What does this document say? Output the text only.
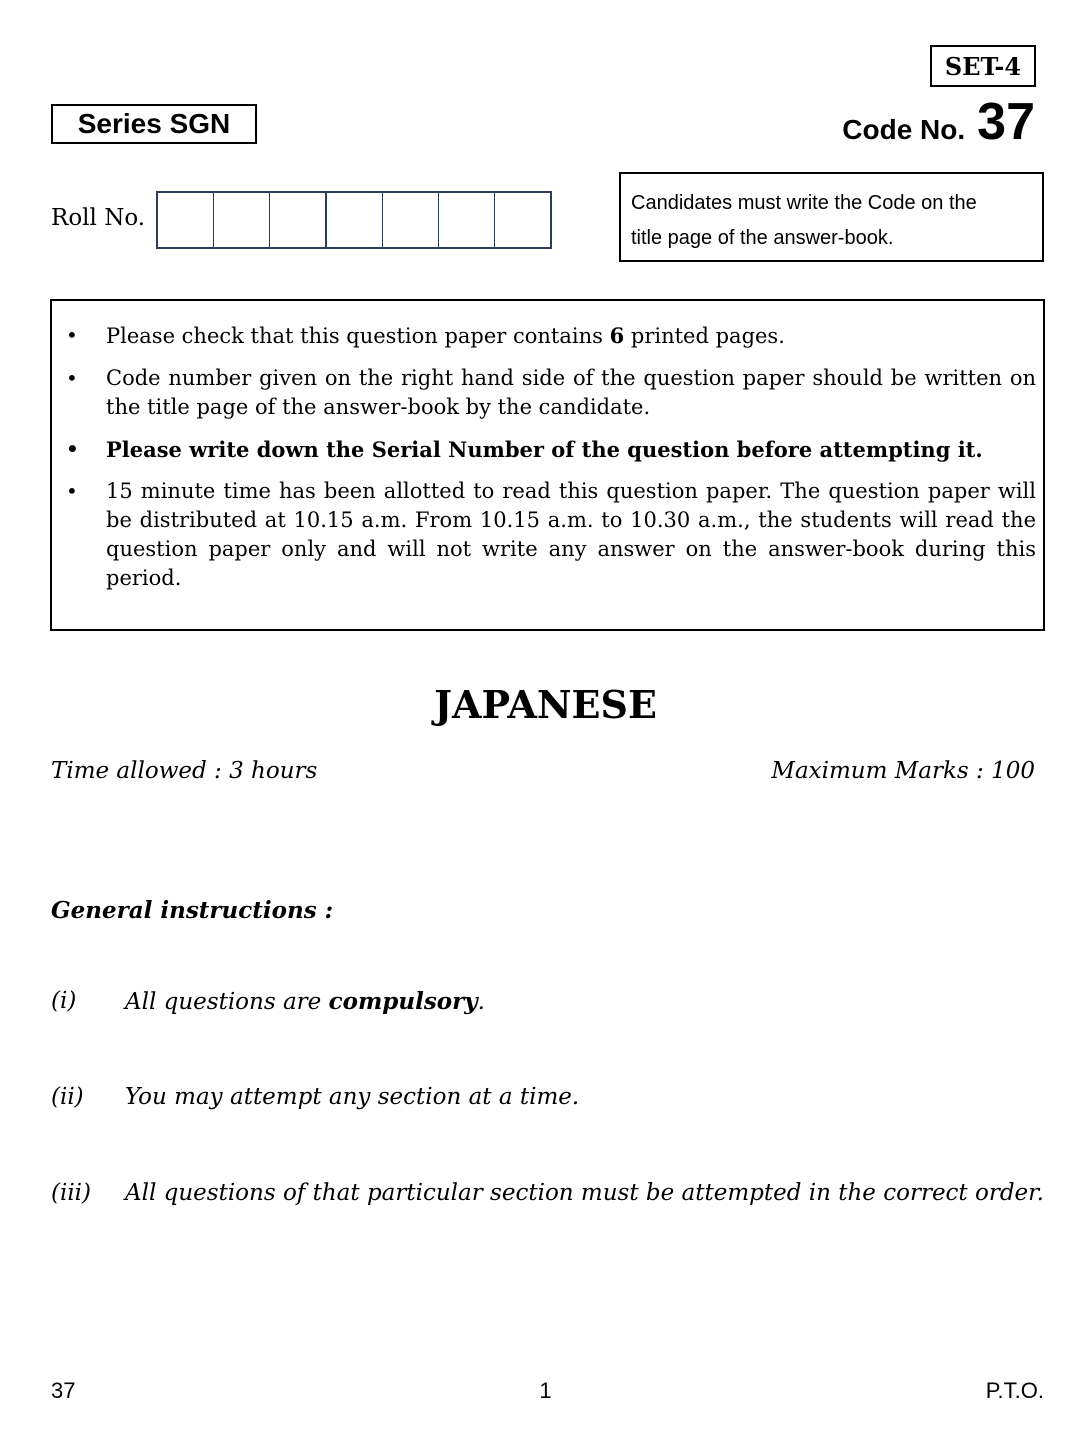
SET-4
Series SGN	Code No. 37
Roll No.
Candidates must write the Code on the
title page of the answer-book.
• Please check that this question paper contains 6 printed pages.
• Code number given on the right hand side of the question paper should be written on the title page of the answer-book by the candidate.
• Please write down the Serial Number of the question before attempting it.
• 15 minute time has been allotted to read this question paper. The question paper will be distributed at 10.15 a.m. From 10.15 a.m. to 10.30 a.m., the students will read the question paper only and will not write any answer on the answer-book during this period.
JAPANESE
Time allowed : 3 hours	Maximum Marks : 100
General instructions :
(i)	All questions are compulsory.
(ii)	You may attempt any section at a time.
(iii)	All questions of that particular section must be attempted in the correct order.
37	1	P.T.O.
